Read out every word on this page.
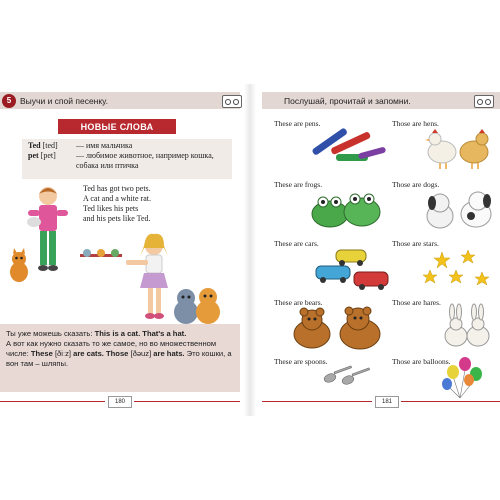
5	Выучи и спой песенку.
НОВЫЕ СЛОВА
Ted [ted]	— имя мальчика
pet [pet]	— любимое животное, например кошка, собака или птичка
Ted has got two pets.
A cat and a white rat.
Ted likes his pets
and his pets like Ted.
Ты уже можешь сказать: This is a cat. That's a hat.
А вот как нужно сказать то же самое, но во множественном числе: These [ðiːz] are cats. Those [ðəuz] are hats. Это кошки, а вон там – шляпы.
180
Послушай, прочитай и запомни.
These are pens.
These are frogs.
These are cars.
These are bears.
These are spoons.
Those are hens.
Those are dogs.
Those are stars.
Those are hares.
Those are balloons.
181
